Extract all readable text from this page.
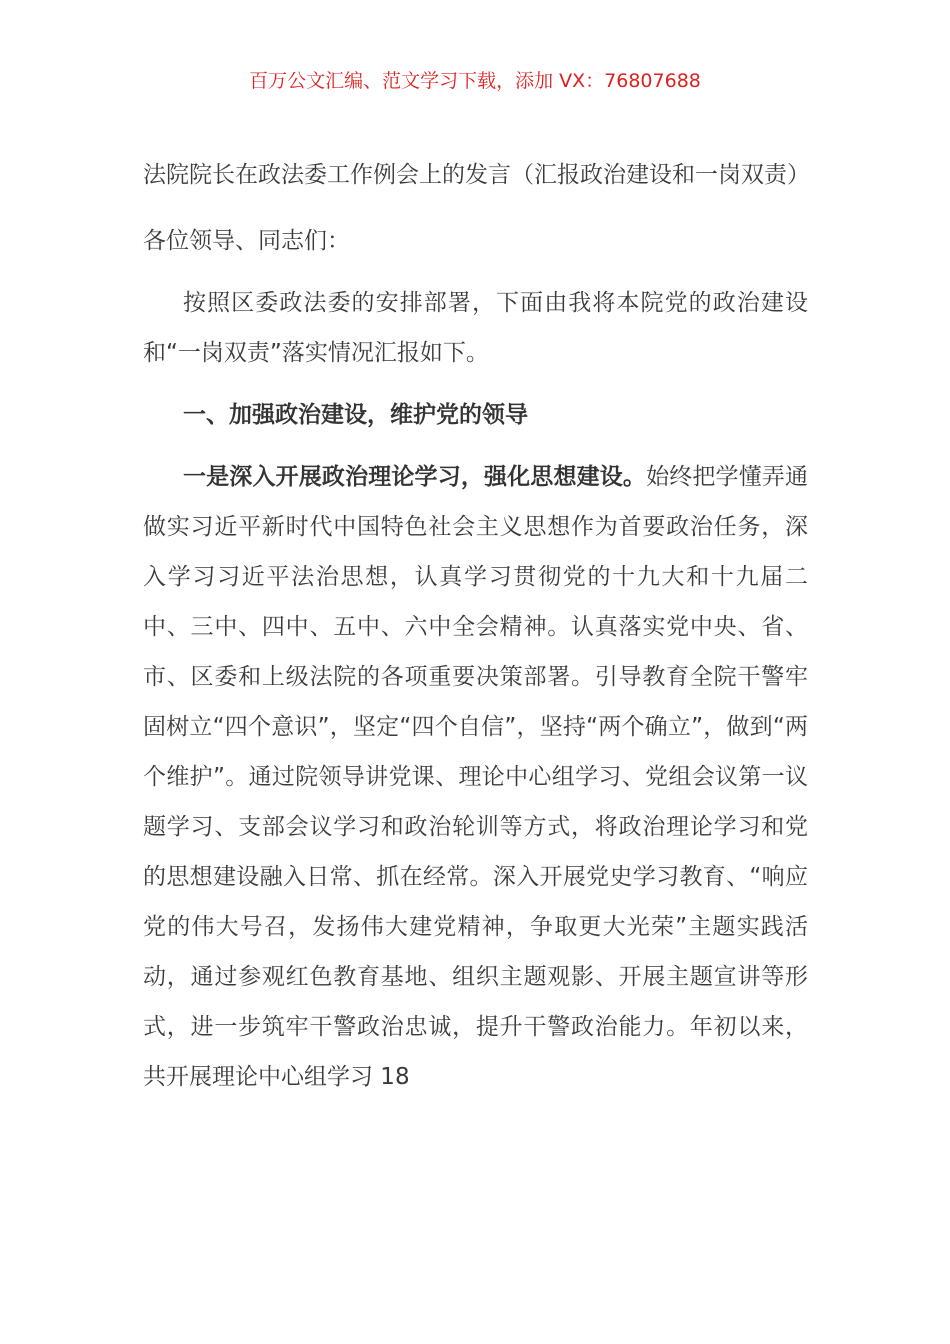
百万公文汇编、范文学习下载，添加 VX：76807688
法院院长在政法委工作例会上的发言（汇报政治建设和一岗双责）

各位领导、同志们：

按照区委政法委的安排部署，下面由我将本院党的政治建设和“一岗双责”落实情况汇报如下。

一、加强政治建设，维护党的领导

一是深入开展政治理论学习，强化思想建设。始终把学懂弄通做实习近平新时代中国特色社会主义思想作为首要政治任务，深入学习习近平法治思想，认真学习贯彻党的十九大和十九届二中、三中、四中、五中、六中全会精神。认真落实党中央、省、市、区委和上级法院的各项重要决策部署。引导教育全院干警牢固树立“四个意识”，坚定“四个自信”，坚持“两个确立”，做到“两个维护”。通过院领导讲党课、理论中心组学习、党组会议第一议题学习、支部会议学习和政治轮训等方式，将政治理论学习和党的思想建设融入日常、抓在经常。深入开展党史学习教育、“响应党的伟大号召，发扬伟大建党精神，争取更大光荣”主题实践活动，通过参观红色教育基地、组织主题观影、开展主题宣讲等形式，进一步筑牢干警政治忠诚，提升干警政治能力。年初以来，共开展理论中心组学习 18
